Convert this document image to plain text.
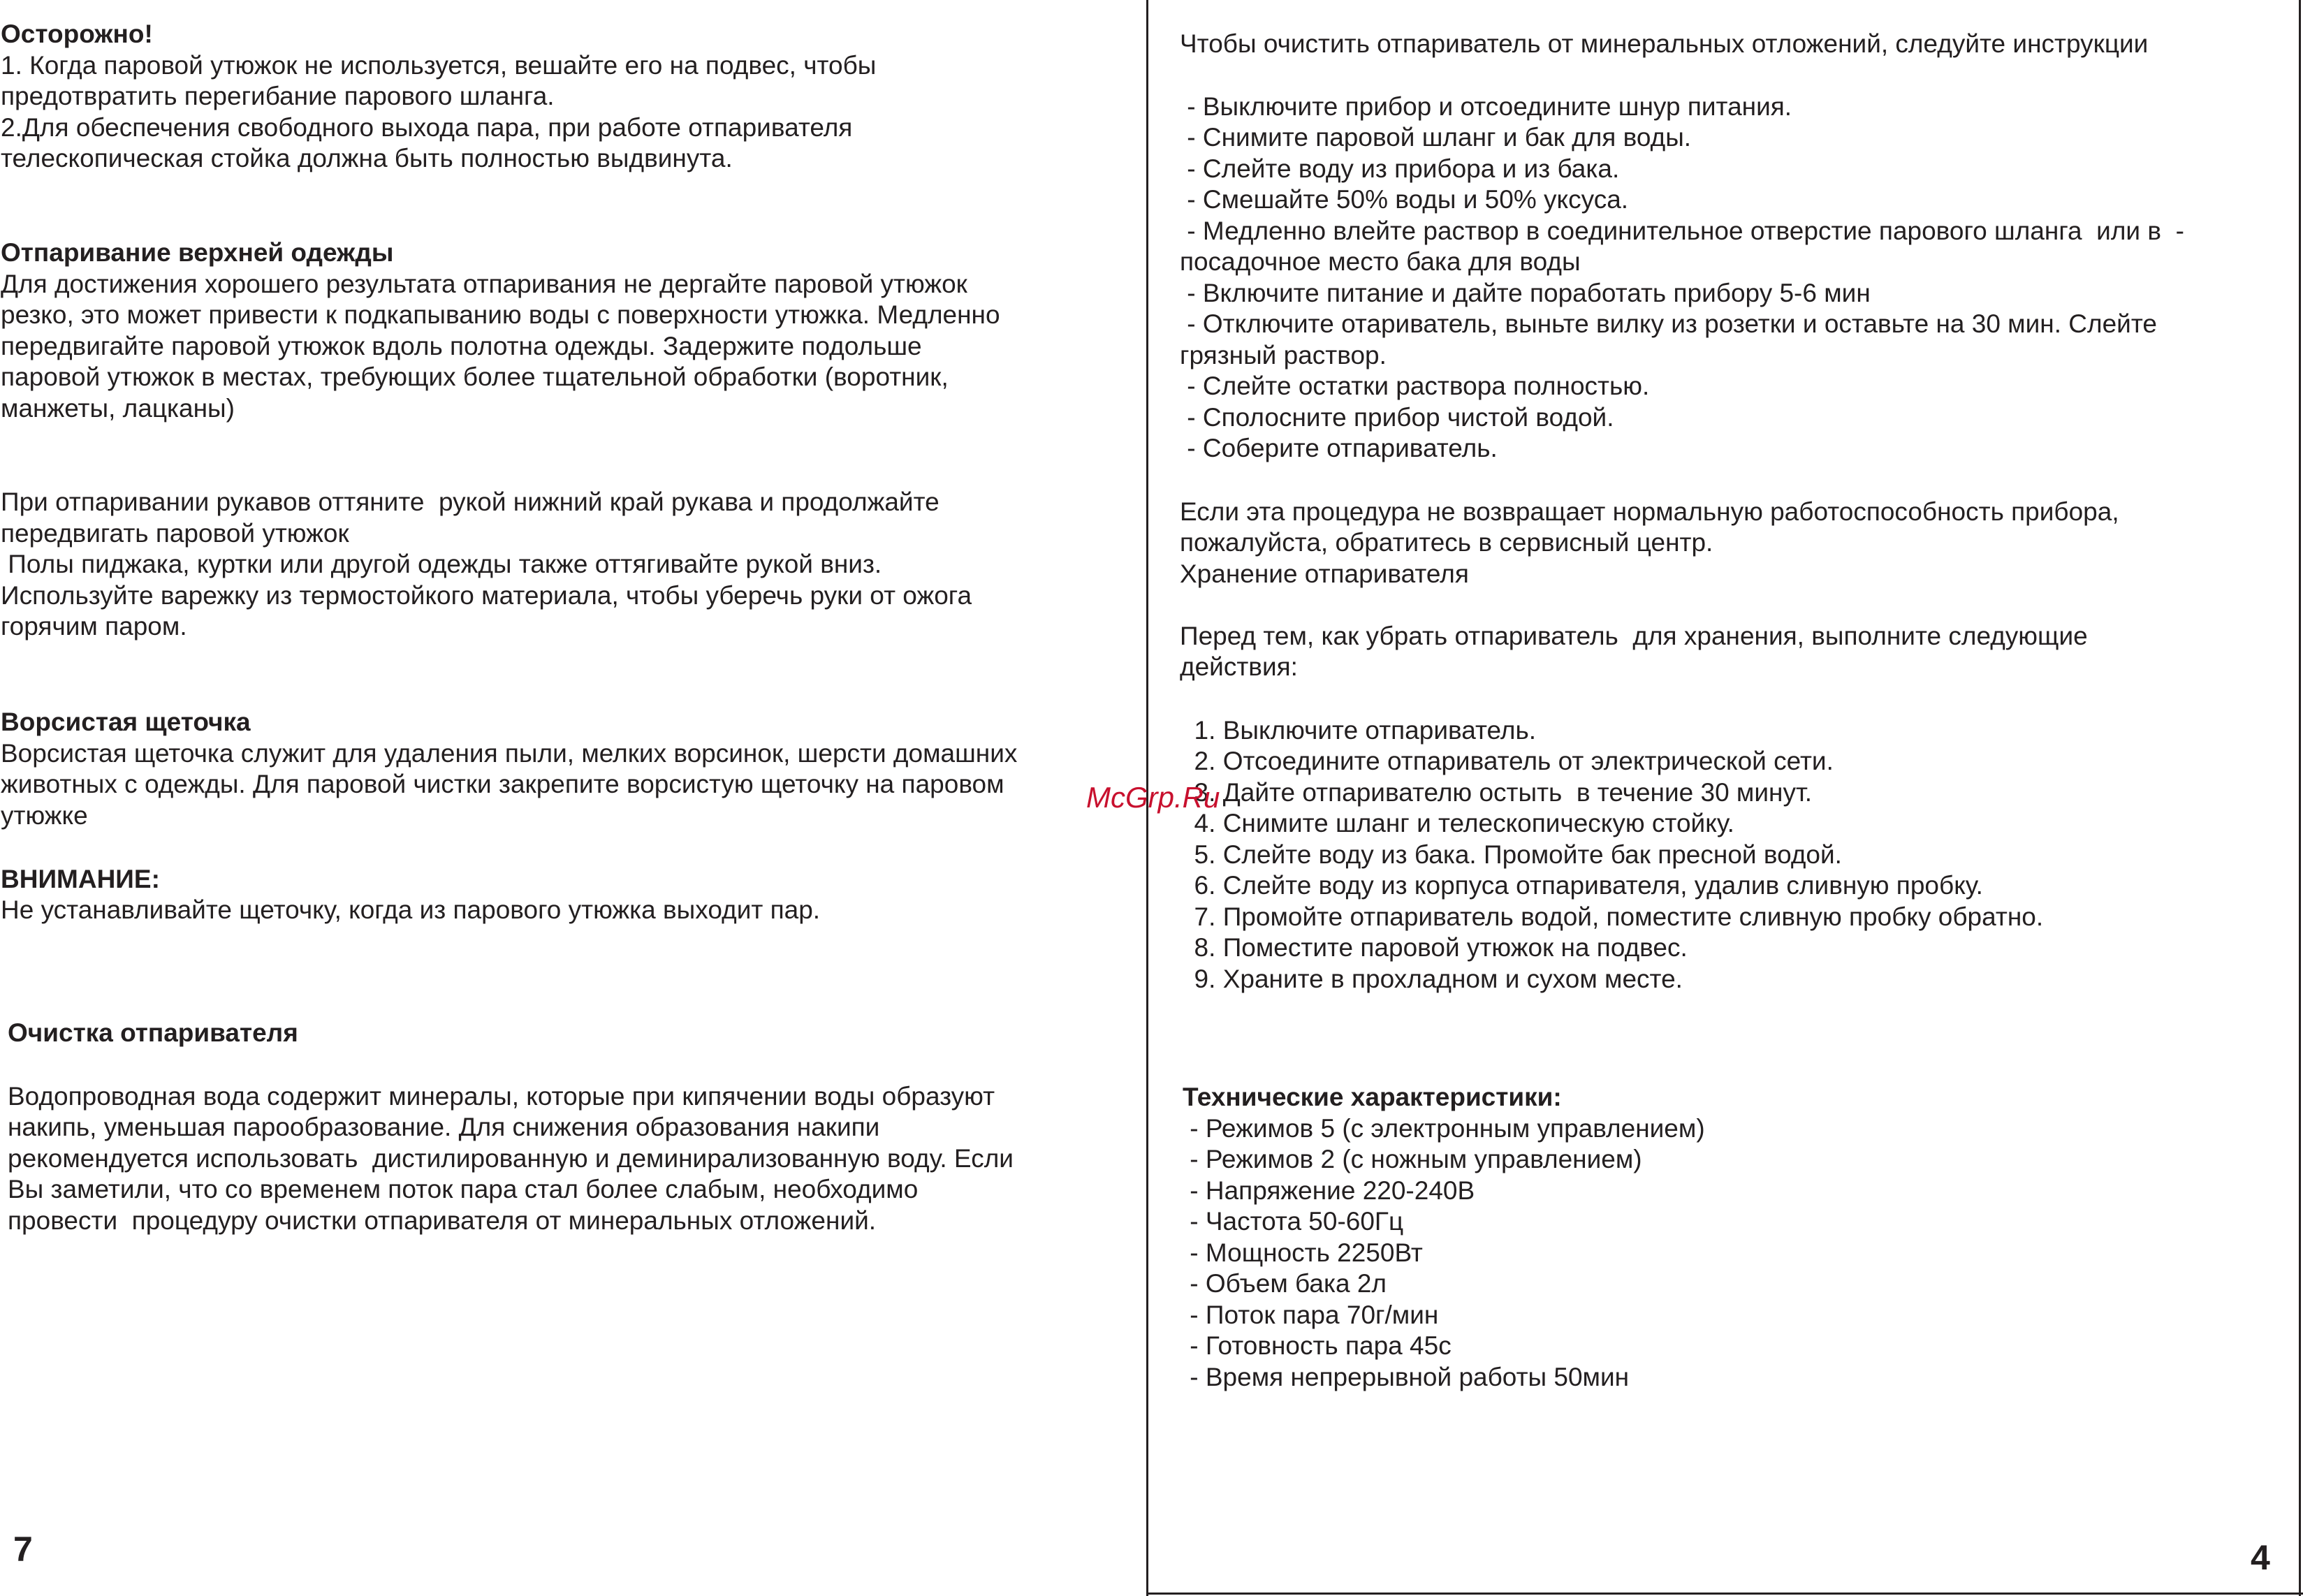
Осторожно!
1. Когда паровой утюжок не используется, вешайте его на подвес, чтобы
предотвратить перегибание парового шланга.
2.Для обеспечения свободного выхода пара, при работе отпаривателя
телескопическая стойка должна быть полностью выдвинута.
Отпаривание верхней одежды
Для достижения хорошего результата отпаривания не дергайте паровой утюжок
резко, это может привести к подкапыванию воды с поверхности утюжка. Медленно
передвигайте паровой утюжок вдоль полотна одежды. Задержите подольше
паровой утюжок в местах, требующих более тщательной обработки (воротник,
манжеты, лацканы)
При отпаривании рукавов оттяните  рукой нижний край рукава и продолжайте
передвигать паровой утюжок
Полы пиджака, куртки или другой одежды также оттягивайте рукой вниз.
Используйте варежку из термостойкого материала, чтобы уберечь руки от ожога
горячим паром.
Ворсистая щеточка
Ворсистая щеточка служит для удаления пыли, мелких ворсинок, шерсти домашних
животных с одежды. Для паровой чистки закрепите ворсистую щеточку на паровом
утюжке
ВНИМАНИЕ:
Не устанавливайте щеточку, когда из парового утюжка выходит пар.
Очистка отпаривателя
Водопроводная вода содержит минералы, которые при кипячении воды образуют
накипь, уменьшая парообразование. Для снижения образования накипи
рекомендуется использовать  дистилированную и деминирализованную воду. Если
Вы заметили, что со временем поток пара стал более слабым, необходимо
провести  процедуру очистки отпаривателя от минеральных отложений.
7
Чтобы очистить отпариватель от минеральных отложений, следуйте инструкции
- Выключите прибор и отсоедините шнур питания.
- Снимите паровой шланг и бак для воды.
- Слейте воду из прибора и из бака.
- Смешайте 50% воды и 50% уксуса.
- Медленно влейте раствор в соединительное отверстие парового шланга  или в  -
посадочное место бака для воды
- Включите питание и дайте поработать прибору 5-6 мин
- Отключите отариватель, выньте вилку из розетки и оставьте на 30 мин. Слейте
грязный раствор.
- Слейте остатки раствора полностью.
- Сполосните прибор чистой водой.
- Соберите отпариватель.
Если эта процедура не возвращает нормальную работоспособность прибора,
пожалуйста, обратитесь в сервисный центр.
Хранение отпаривателя
Перед тем, как убрать отпариватель  для хранения, выполните следующие
действия:
1. Выключите отпариватель.
2. Отсоедините отпариватель от электрической сети.
3. Дайте отпаривателю остыть  в течение 30 минут.
4. Снимите шланг и телескопическую стойку.
5. Слейте воду из бака. Промойте бак пресной водой.
6. Слейте воду из корпуса отпаривателя, удалив сливную пробку.
7. Промойте отпариватель водой, поместите сливную пробку обратно.
8. Поместите паровой утюжок на подвес.
9. Храните в прохладном и сухом месте.
Технические характеристики:
- Режимов 5 (с электронным управлением)
- Режимов 2 (с ножным управлением)
- Напряжение 220-240В
- Частота 50-60Гц
- Мощность 2250Вт
- Объем бака 2л
- Поток пара 70г/мин
- Готовность пара 45с
- Время непрерывной работы 50мин
4
McGrp.Ru
